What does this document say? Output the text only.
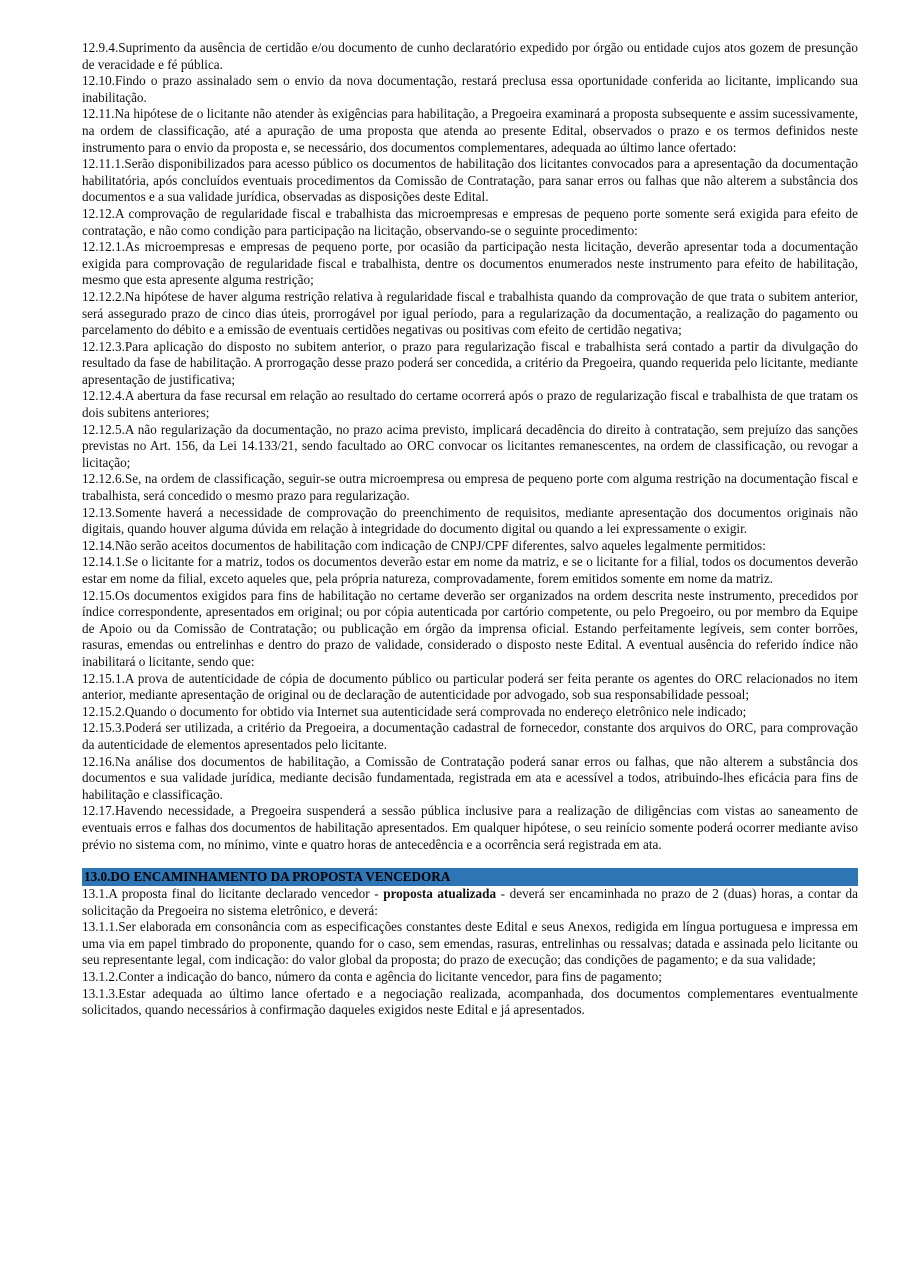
12.9.4.Suprimento da ausência de certidão e/ou documento de cunho declaratório expedido por órgão ou entidade cujos atos gozem de presunção de veracidade e fé pública.

12.10.Findo o prazo assinalado sem o envio da nova documentação, restará preclusa essa oportunidade conferida ao licitante, implicando sua inabilitação.

12.11.Na hipótese de o licitante não atender às exigências para habilitação, a Pregoeira examinará a proposta subsequente e assim sucessivamente, na ordem de classificação, até a apuração de uma proposta que atenda ao presente Edital, observados o prazo e os termos definidos neste instrumento para o envio da proposta e, se necessário, dos documentos complementares, adequada ao último lance ofertado:

12.11.1.Serão disponibilizados para acesso público os documentos de habilitação dos licitantes convocados para a apresentação da documentação habilitatória, após concluídos eventuais procedimentos da Comissão de Contratação, para sanar erros ou falhas que não alterem a substância dos documentos e a sua validade jurídica, observadas as disposições deste Edital.

12.12.A comprovação de regularidade fiscal e trabalhista das microempresas e empresas de pequeno porte somente será exigida para efeito de contratação, e não como condição para participação na licitação, observando-se o seguinte procedimento:

12.12.1.As microempresas e empresas de pequeno porte, por ocasião da participação nesta licitação, deverão apresentar toda a documentação exigida para comprovação de regularidade fiscal e trabalhista, dentre os documentos enumerados neste instrumento para efeito de habilitação, mesmo que esta apresente alguma restrição;

12.12.2.Na hipótese de haver alguma restrição relativa à regularidade fiscal e trabalhista quando da comprovação de que trata o subitem anterior, será assegurado prazo de cinco dias úteis, prorrogável por igual período, para a regularização da documentação, a realização do pagamento ou parcelamento do débito e a emissão de eventuais certidões negativas ou positivas com efeito de certidão negativa;

12.12.3.Para aplicação do disposto no subitem anterior, o prazo para regularização fiscal e trabalhista será contado a partir da divulgação do resultado da fase de habilitação. A prorrogação desse prazo poderá ser concedida, a critério da Pregoeira, quando requerida pelo licitante, mediante apresentação de justificativa;

12.12.4.A abertura da fase recursal em relação ao resultado do certame ocorrerá após o prazo de regularização fiscal e trabalhista de que tratam os dois subitens anteriores;

12.12.5.A não regularização da documentação, no prazo acima previsto, implicará decadência do direito à contratação, sem prejuízo das sanções previstas no Art. 156, da Lei 14.133/21, sendo facultado ao ORC convocar os licitantes remanescentes, na ordem de classificação, ou revogar a licitação;

12.12.6.Se, na ordem de classificação, seguir-se outra microempresa ou empresa de pequeno porte com alguma restrição na documentação fiscal e trabalhista, será concedido o mesmo prazo para regularização.

12.13.Somente haverá a necessidade de comprovação do preenchimento de requisitos, mediante apresentação dos documentos originais não digitais, quando houver alguma dúvida em relação à integridade do documento digital ou quando a lei expressamente o exigir.

12.14.Não serão aceitos documentos de habilitação com indicação de CNPJ/CPF diferentes, salvo aqueles legalmente permitidos:

12.14.1.Se o licitante for a matriz, todos os documentos deverão estar em nome da matriz, e se o licitante for a filial, todos os documentos deverão estar em nome da filial, exceto aqueles que, pela própria natureza, comprovadamente, forem emitidos somente em nome da matriz.

12.15.Os documentos exigidos para fins de habilitação no certame deverão ser organizados na ordem descrita neste instrumento, precedidos por índice correspondente, apresentados em original; ou por cópia autenticada por cartório competente, ou pelo Pregoeiro, ou por membro da Equipe de Apoio ou da Comissão de Contratação; ou publicação em órgão da imprensa oficial. Estando perfeitamente legíveis, sem conter borrões, rasuras, emendas ou entrelinhas e dentro do prazo de validade, considerado o disposto neste Edital. A eventual ausência do referido índice não inabilitará o licitante, sendo que:

12.15.1.A prova de autenticidade de cópia de documento público ou particular poderá ser feita perante os agentes do ORC relacionados no item anterior, mediante apresentação de original ou de declaração de autenticidade por advogado, sob sua responsabilidade pessoal;

12.15.2.Quando o documento for obtido via Internet sua autenticidade será comprovada no endereço eletrônico nele indicado;

12.15.3.Poderá ser utilizada, a critério da Pregoeira, a documentação cadastral de fornecedor, constante dos arquivos do ORC, para comprovação da autenticidade de elementos apresentados pelo licitante.

12.16.Na análise dos documentos de habilitação, a Comissão de Contratação poderá sanar erros ou falhas, que não alterem a substância dos documentos e sua validade jurídica, mediante decisão fundamentada, registrada em ata e acessível a todos, atribuindo-lhes eficácia para fins de habilitação e classificação.

12.17.Havendo necessidade, a Pregoeira suspenderá a sessão pública inclusive para a realização de diligências com vistas ao saneamento de eventuais erros e falhas dos documentos de habilitação apresentados. Em qualquer hipótese, o seu reinício somente poderá ocorrer mediante aviso prévio no sistema com, no mínimo, vinte e quatro horas de antecedência e a ocorrência será registrada em ata.

13.0.DO ENCAMINHAMENTO DA PROPOSTA VENCEDORA

13.1.A proposta final do licitante declarado vencedor - proposta atualizada - deverá ser encaminhada no prazo de 2 (duas) horas, a contar da solicitação da Pregoeira no sistema eletrônico, e deverá:

13.1.1.Ser elaborada em consonância com as especificações constantes deste Edital e seus Anexos, redigida em língua portuguesa e impressa em uma via em papel timbrado do proponente, quando for o caso, sem emendas, rasuras, entrelinhas ou ressalvas; datada e assinada pelo licitante ou seu representante legal, com indicação: do valor global da proposta; do prazo de execução; das condições de pagamento; e da sua validade;

13.1.2.Conter a indicação do banco, número da conta e agência do licitante vencedor, para fins de pagamento;

13.1.3.Estar adequada ao último lance ofertado e a negociação realizada, acompanhada, dos documentos complementares eventualmente solicitados, quando necessários à confirmação daqueles exigidos neste Edital e já apresentados.
